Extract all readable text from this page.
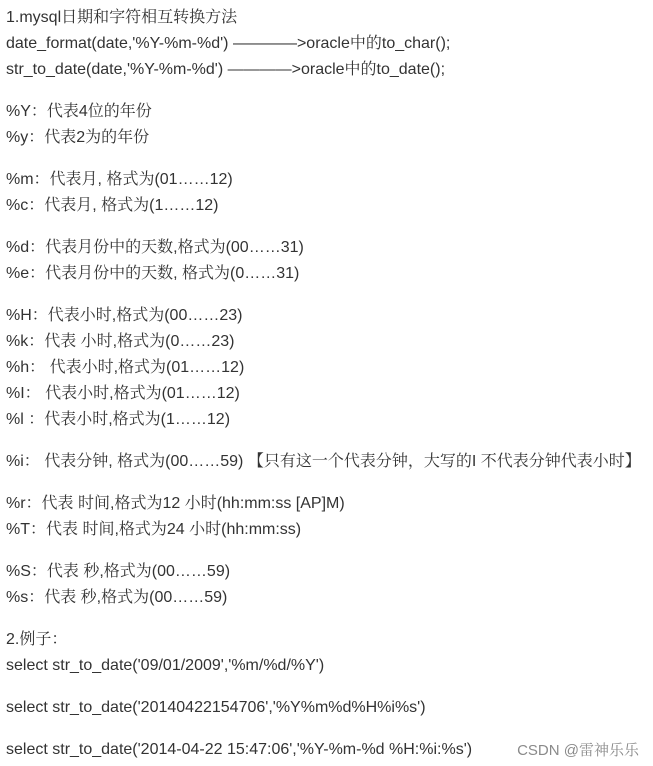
1.mysql日期和字符相互转换方法
date_format(date,'%Y-%m-%d') ————>oracle中的to_char();
str_to_date(date,'%Y-%m-%d') ————>oracle中的to_date();
%Y：代表4位的年份
%y：代表2为的年份
%m：代表月, 格式为(01……12)
%c：代表月, 格式为(1……12)
%d：代表月份中的天数,格式为(00……31)
%e：代表月份中的天数, 格式为(0……31)
%H：代表小时,格式为(00……23)
%k：代表 小时,格式为(0……23)
%h： 代表小时,格式为(01……12)
%I： 代表小时,格式为(01……12)
%l ：代表小时,格式为(1……12)
%i： 代表分钟, 格式为(00……59) 【只有这一个代表分钟，大写的I 不代表分钟代表小时】
%r：代表 时间,格式为12 小时(hh:mm:ss [AP]M)
%T：代表 时间,格式为24 小时(hh:mm:ss)
%S：代表 秒,格式为(00……59)
%s：代表 秒,格式为(00……59)
2.例子：
select str_to_date('09/01/2009','%m/%d/%Y')
select str_to_date('20140422154706','%Y%m%d%H%i%s')
select str_to_date('2014-04-22 15:47:06','%Y-%m-%d %H:%i:%s')	CSDN @雷神乐乐
